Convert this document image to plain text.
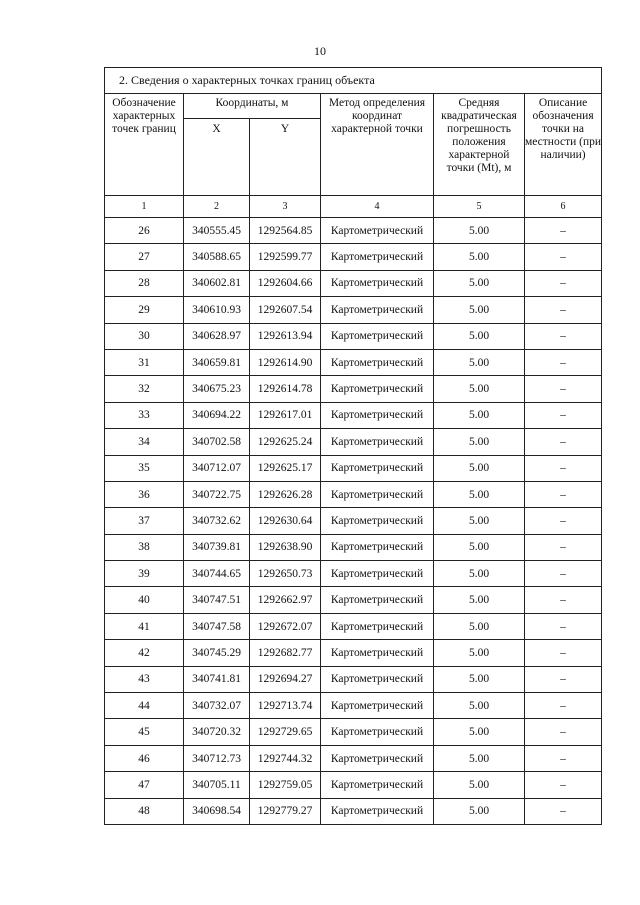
10
2. Сведения о характерных точках границ объекта					
Обозначение характерных точек границ	Координаты, м		Метод определения координат характерной точки	Средняя квадратическая погрешность положения характерной точки (Mt), м	Описание обозначения точки на местности (при наличии)
	X	Y			
1	2	3	4	5	6
26	340555.45	1292564.85	Картометрический	5.00	–
27	340588.65	1292599.77	Картометрический	5.00	–
28	340602.81	1292604.66	Картометрический	5.00	–
29	340610.93	1292607.54	Картометрический	5.00	–
30	340628.97	1292613.94	Картометрический	5.00	–
31	340659.81	1292614.90	Картометрический	5.00	–
32	340675.23	1292614.78	Картометрический	5.00	–
33	340694.22	1292617.01	Картометрический	5.00	–
34	340702.58	1292625.24	Картометрический	5.00	–
35	340712.07	1292625.17	Картометрический	5.00	–
36	340722.75	1292626.28	Картометрический	5.00	–
37	340732.62	1292630.64	Картометрический	5.00	–
38	340739.81	1292638.90	Картометрический	5.00	–
39	340744.65	1292650.73	Картометрический	5.00	–
40	340747.51	1292662.97	Картометрический	5.00	–
41	340747.58	1292672.07	Картометрический	5.00	–
42	340745.29	1292682.77	Картометрический	5.00	–
43	340741.81	1292694.27	Картометрический	5.00	–
44	340732.07	1292713.74	Картометрический	5.00	–
45	340720.32	1292729.65	Картометрический	5.00	–
46	340712.73	1292744.32	Картометрический	5.00	–
47	340705.11	1292759.05	Картометрический	5.00	–
48	340698.54	1292779.27	Картометрический	5.00	–
